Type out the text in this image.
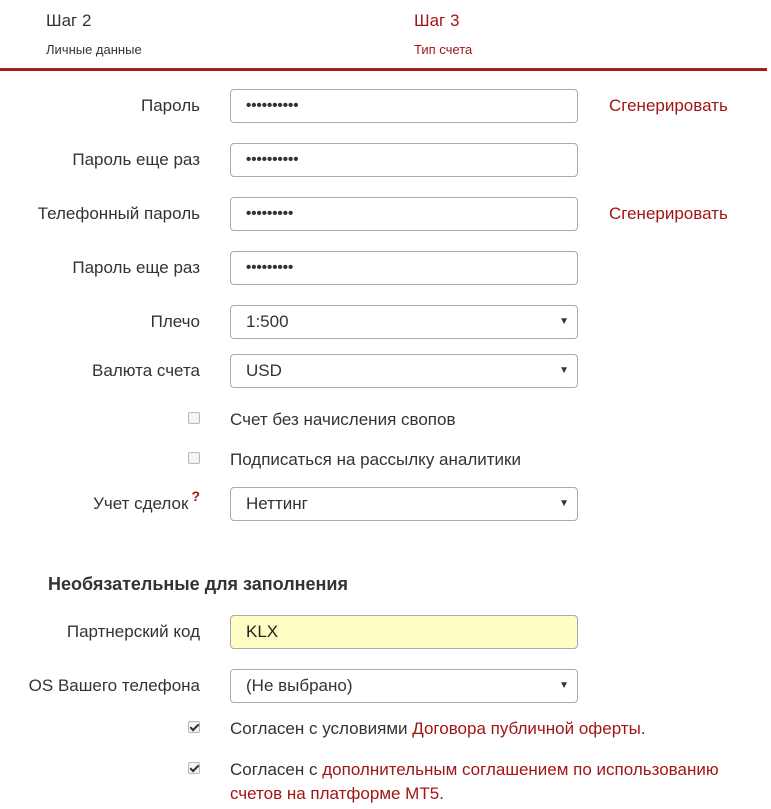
Шаг 2
Личные данные
Шаг 3
Тип счета
Пароль	••••••••••	Сгенерировать
Пароль еще раз	••••••••••
Телефонный пароль	•••••••••	Сгенерировать
Пароль еще раз	•••••••••
Плечо	1:500	▼
Валюта счета	USD	▼
Счет без начисления свопов
Подписаться на рассылку аналитики
Учет сделок ?	Неттинг	▼
Необязательные для заполнения
Партнерский код	KLX
OS Вашего телефона	(Не выбрано)	▼
Согласен с условиями Договора публичной оферты.
Согласен с дополнительным соглашением по использованию счетов на платформе MT5.
